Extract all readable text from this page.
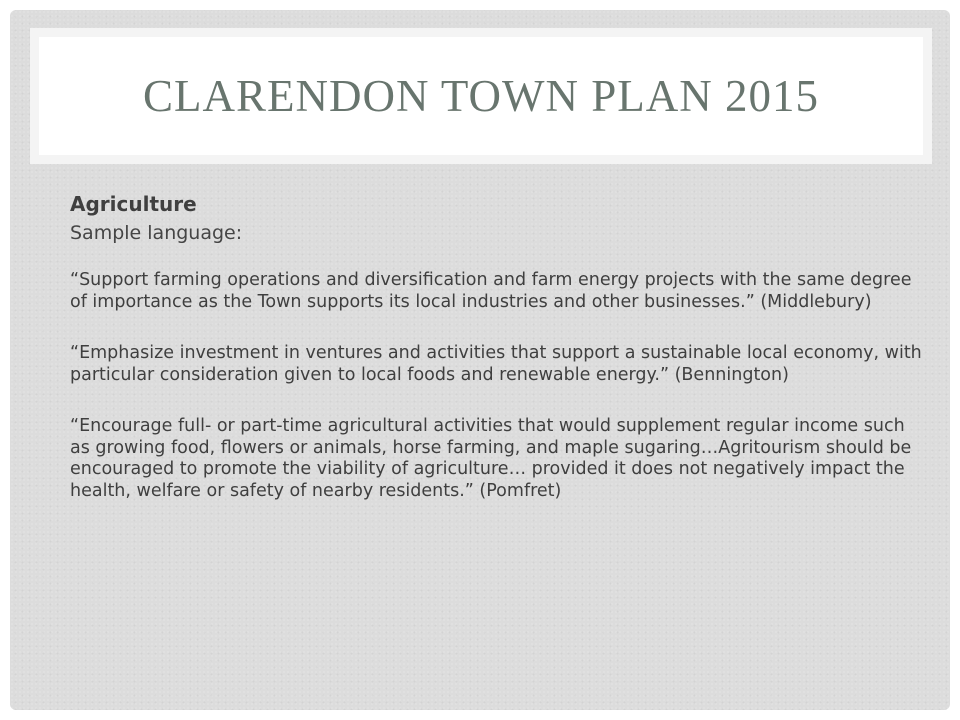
CLARENDON TOWN PLAN 2015
Agriculture
Sample language:

“Support farming operations and diversification and farm energy projects with the same degree of importance as the Town supports its local industries and other businesses.” (Middlebury)

“Emphasize investment in ventures and activities that support a sustainable local economy, with particular consideration given to local foods and renewable energy.” (Bennington)

“Encourage full- or part-time agricultural activities that would supplement regular income such as growing food, flowers or animals, horse farming, and maple sugaring…Agritourism should be encouraged to promote the viability of agriculture… provided it does not negatively impact the health, welfare or safety of nearby residents.” (Pomfret)
